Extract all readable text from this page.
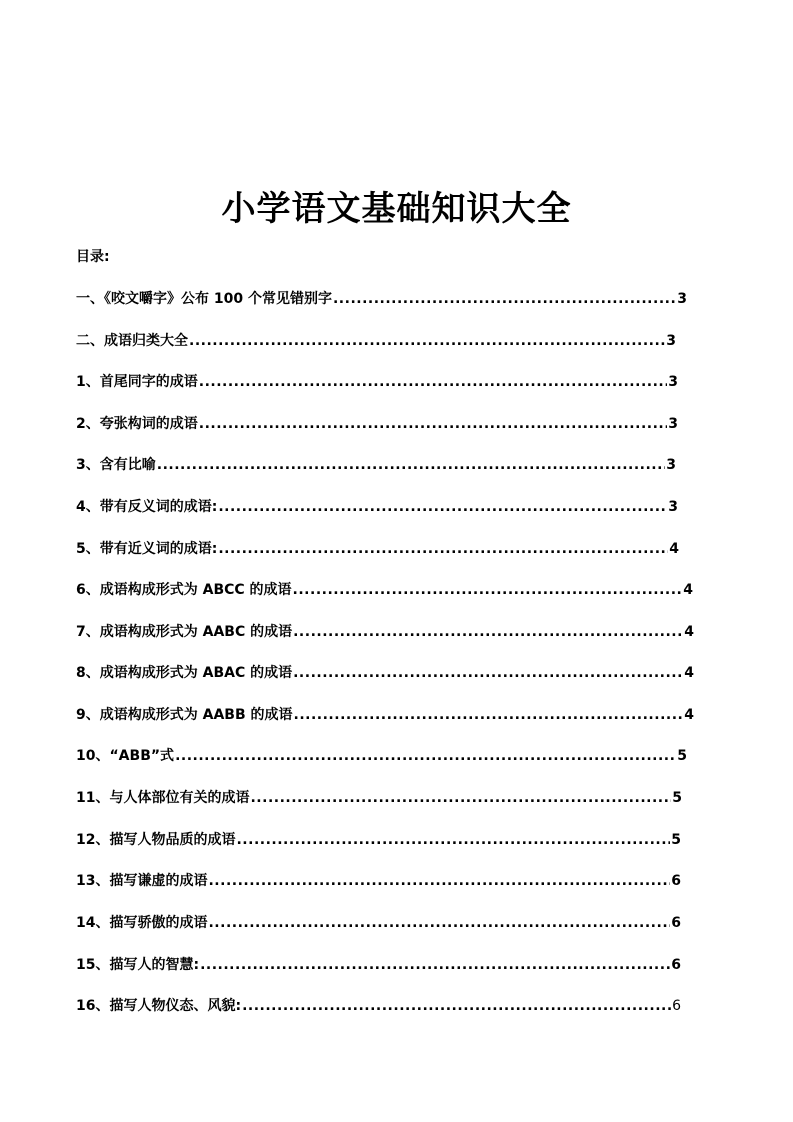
小学语文基础知识大全
目录:
一、《咬文嚼字》公布 100 个常见错别字 .....	3
二、成语归类大全 .....	3
1、首尾同字的成语 .....	3
2、夸张构词的成语 .....	3
3、含有比喻 .....	3
4、带有反义词的成语: .....	3
5、带有近义词的成语: .....	4
6、成语构成形式为 ABCC 的成语 .....	4
7、成语构成形式为 AABC 的成语 .....	4
8、成语构成形式为 ABAC 的成语 .....	4
9、成语构成形式为 AABB 的成语 .....	4
10、“ABB”式 .....	5
11、与人体部位有关的成语 .....	5
12、描写人物品质的成语 .....	5
13、描写谦虚的成语 .....	6
14、描写骄傲的成语 .....	6
15、描写人的智慧: .....	6
16、描写人物仪态、风貌: .....	6
